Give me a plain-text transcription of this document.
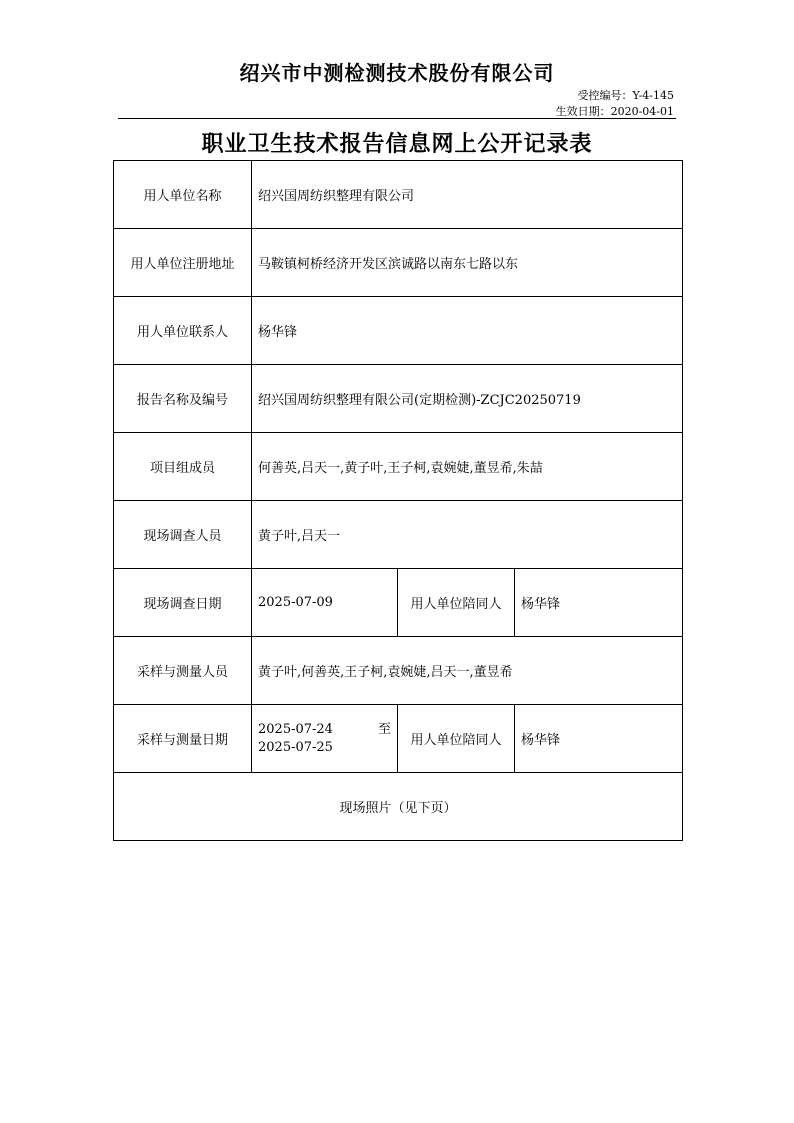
绍兴市中测检测技术股份有限公司
受控编号：Y-4-145
生效日期：2020-04-01
职业卫生技术报告信息网上公开记录表
用人单位名称	绍兴国周纺织整理有限公司		
用人单位注册地址	马鞍镇柯桥经济开发区滨诚路以南东七路以东		
用人单位联系人	杨华锋		
报告名称及编号	绍兴国周纺织整理有限公司(定期检测)-ZCJC20250719		
项目组成员	何善英,吕天一,黄子叶,王子柯,袁婉婕,董昱希,朱喆		
现场调查人员	黄子叶,吕天一		
现场调查日期	2025-07-09	用人单位陪同人	杨华锋
采样与测量人员	黄子叶,何善英,王子柯,袁婉婕,吕天一,董昱希		
采样与测量日期	2025-07-24 至
2025-07-25	用人单位陪同人	杨华锋
现场照片（见下页）			
